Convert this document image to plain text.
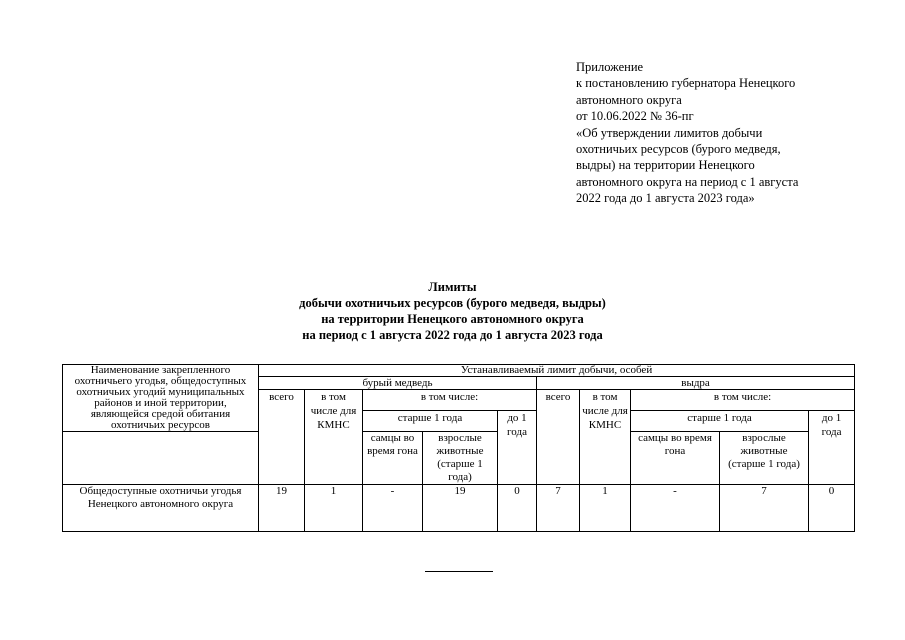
Приложение
к постановлению губернатора Ненецкого
автономного округа
от 10.06.2022 № 36-пг
«Об утверждении лимитов добычи
охотничьих ресурсов (бурого медведя,
выдры) на территории Ненецкого
автономного округа на период с 1 августа
2022 года до 1 августа 2023 года»
Лимиты
добычи охотничьих ресурсов (бурого медведя, выдры)
на территории Ненецкого автономного округа
на период с 1 августа 2022 года до 1 августа 2023 года
Наименование закрепленного охотничьего угодья, общедоступных охотничьих угодий муниципальных районов и иной территории, являющейся средой обитания охотничьих ресурсов	Устанавливаемый лимит добычи, особей									
	бурый медведь					выдра				
	всего	в том числе для КМНС	в том числе:			всего	в том числе для КМНС	в том числе:		
			старше 1 года		до 1 года			старше 1 года		до 1 года
			самцы во время гона	взрослые животные (старше 1 года)				самцы во время гона	взрослые животные (старше 1 года)	
Общедоступные охотничьи угодья Ненецкого автономного округа	19	1	-	19	0	7	1	-	7	0
